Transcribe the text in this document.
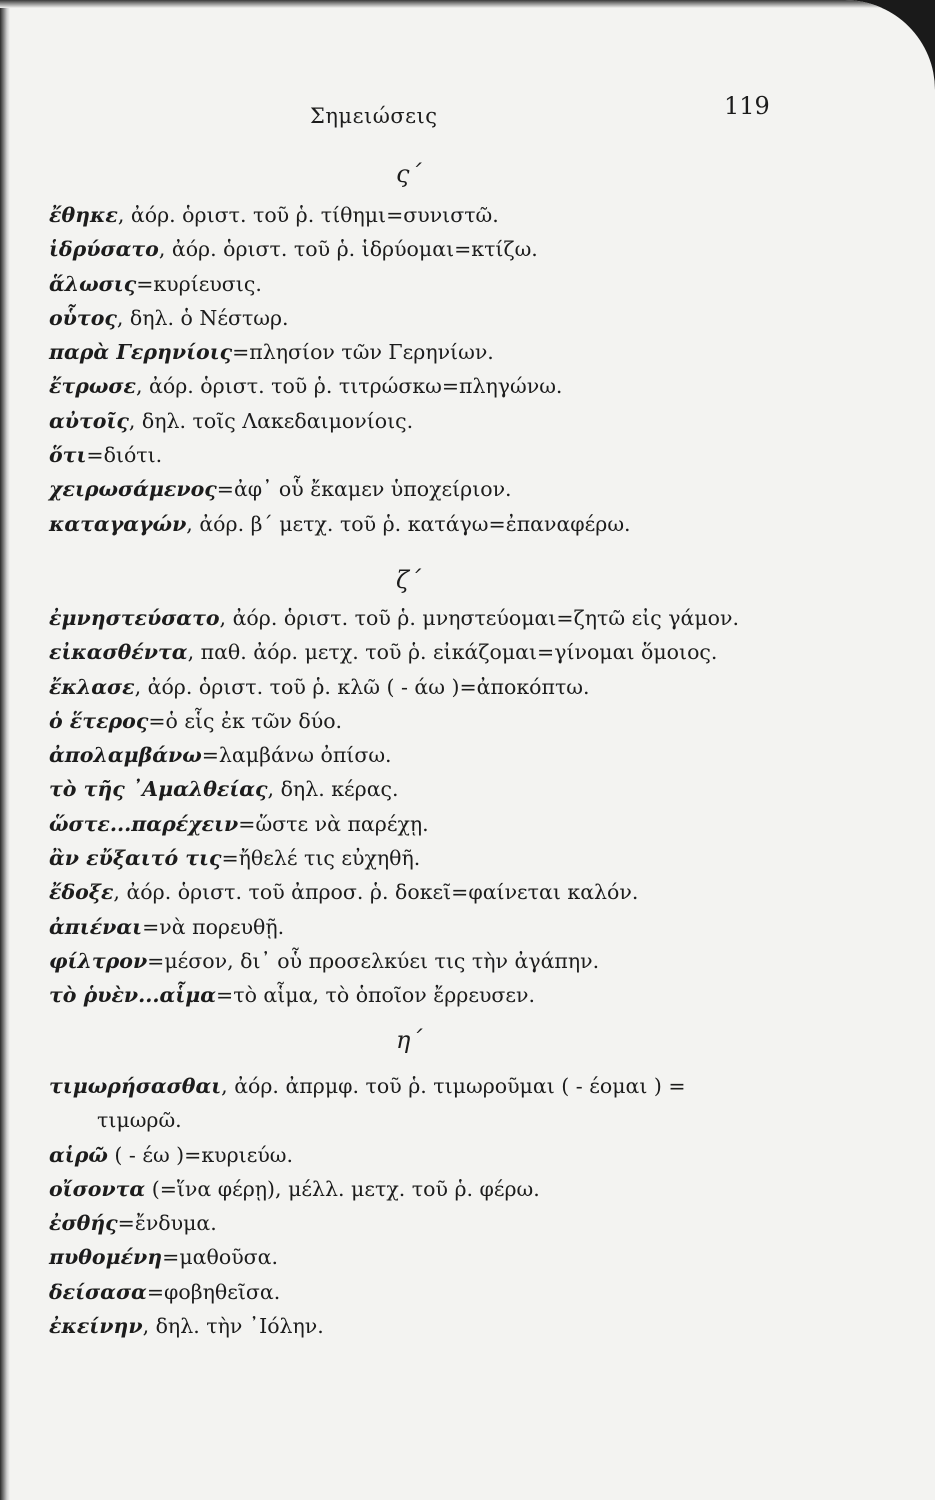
Σημειώσεις	119
ς΄
ἔθηκε, ἀόρ. ὁριστ. τοῦ ῥ. τίθημι=συνιστῶ.
ἱδρύσατο, ἀόρ. ὁριστ. τοῦ ῥ. ἱδρύομαι=κτίζω.
ἅλωσις=κυρίευσις.
οὗτος, δηλ. ὁ Νέστωρ.
παρὰ Γερηνίοις=πλησίον τῶν Γερηνίων.
ἔτρωσε, ἀόρ. ὁριστ. τοῦ ῥ. τιτρώσκω=πληγώνω.
αὐτοῖς, δηλ. τοῖς Λακεδαιμονίοις.
ὅτι=διότι.
χειρωσάμενος=ἀφ᾽ οὗ ἔκαμεν ὑποχείριον.
καταγαγών, ἀόρ. β΄ μετχ. τοῦ ῥ. κατάγω=ἐπαναφέρω.
ζ΄
ἐμνηστεύσατο, ἀόρ. ὁριστ. τοῦ ῥ. μνηστεύομαι=ζητῶ εἰς γάμον.
εἰκασθέντα, παθ. ἀόρ. μετχ. τοῦ ῥ. εἰκάζομαι=γίνομαι ὅμοιος.
ἔκλασε, ἀόρ. ὁριστ. τοῦ ῥ. κλῶ ( - άω )=ἀποκόπτω.
ὁ ἕτερος=ὁ εἷς ἐκ τῶν δύο.
ἀπολαμβάνω=λαμβάνω ὀπίσω.
τὸ τῆς ᾿Αμαλθείας, δηλ. κέρας.
ὥστε...παρέχειν=ὥστε νὰ παρέχῃ.
ἂν εὔξαιτό τις=ἤθελέ τις εὐχηθῆ.
ἔδοξε, ἀόρ. ὁριστ. τοῦ ἀπροσ. ῥ. δοκεῖ=φαίνεται καλόν.
ἀπιέναι=νὰ πορευθῇ.
φίλτρον=μέσον, δι᾽ οὗ προσελκύει τις τὴν ἀγάπην.
τὸ ῥυὲν...αἷμα=τὸ αἷμα, τὸ ὁποῖον ἔρρευσεν.
η΄
τιμωρήσασθαι, ἀόρ. ἀπρμφ. τοῦ ῥ. τιμωροῦμαι ( - έομαι ) =
τιμωρῶ.
αἱρῶ ( - έω )=κυριεύω.
οἴσοντα (=ἵνα φέρῃ), μέλλ. μετχ. τοῦ ῥ. φέρω.
ἐσθής=ἔνδυμα.
πυθομένη=μαθοῦσα.
δείσασα=φοβηθεῖσα.
ἐκείνην, δηλ. τὴν ᾿Ιόλην.
